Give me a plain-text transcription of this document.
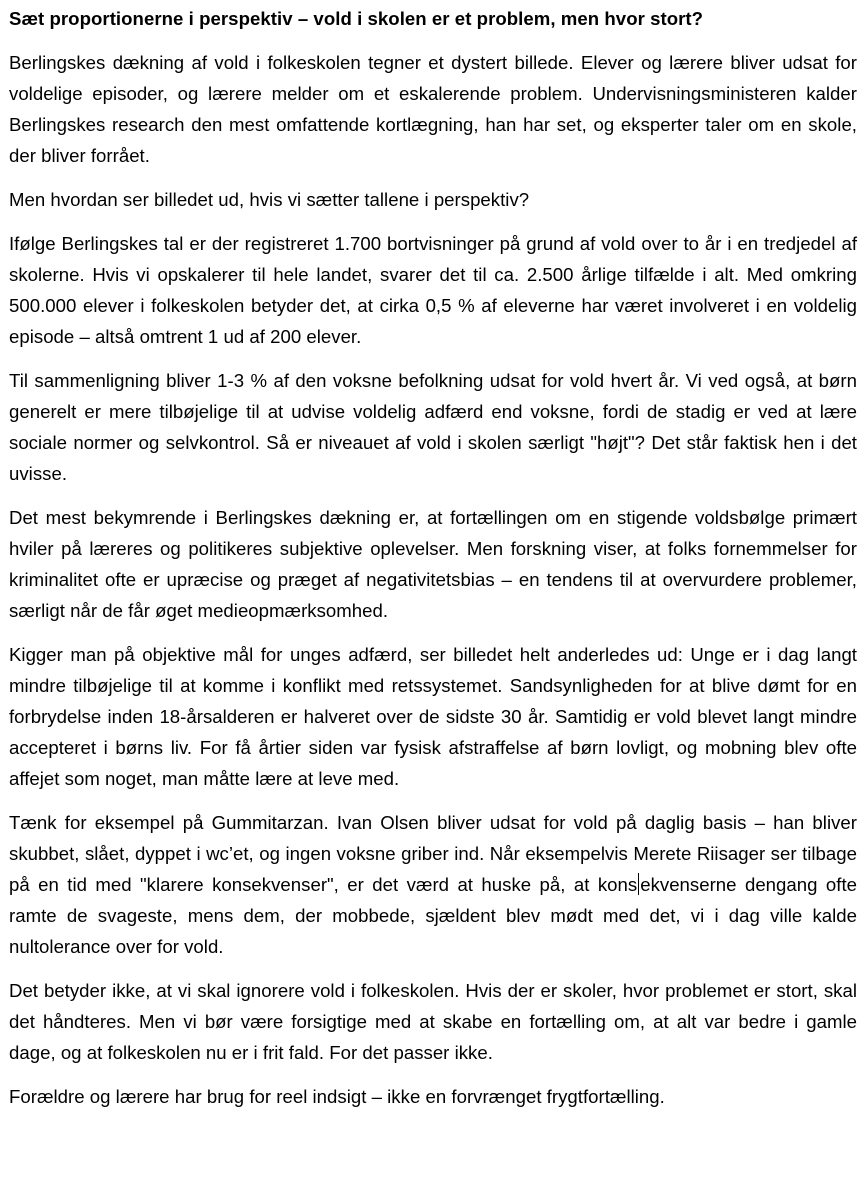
Sæt proportionerne i perspektiv – vold i skolen er et problem, men hvor stort?

Berlingskes dækning af vold i folkeskolen tegner et dystert billede. Elever og lærere bliver udsat for voldelige episoder, og lærere melder om et eskalerende problem. Undervisningsministeren kalder Berlingskes research den mest omfattende kortlægning, han har set, og eksperter taler om en skole, der bliver forrået.

Men hvordan ser billedet ud, hvis vi sætter tallene i perspektiv?

Ifølge Berlingskes tal er der registreret 1.700 bortvisninger på grund af vold over to år i en tredjedel af skolerne. Hvis vi opskalerer til hele landet, svarer det til ca. 2.500 årlige tilfælde i alt. Med omkring 500.000 elever i folkeskolen betyder det, at cirka 0,5 % af eleverne har været involveret i en voldelig episode – altså omtrent 1 ud af 200 elever.

Til sammenligning bliver 1-3 % af den voksne befolkning udsat for vold hvert år. Vi ved også, at børn generelt er mere tilbøjelige til at udvise voldelig adfærd end voksne, fordi de stadig er ved at lære sociale normer og selvkontrol. Så er niveauet af vold i skolen særligt "højt"? Det står faktisk hen i det uvisse.

Det mest bekymrende i Berlingskes dækning er, at fortællingen om en stigende voldsbølge primært hviler på læreres og politikeres subjektive oplevelser. Men forskning viser, at folks fornemmelser for kriminalitet ofte er upræcise og præget af negativitetsbias – en tendens til at overvurdere problemer, særligt når de får øget medieopmærksomhed.

Kigger man på objektive mål for unges adfærd, ser billedet helt anderledes ud: Unge er i dag langt mindre tilbøjelige til at komme i konflikt med retssystemet. Sandsynligheden for at blive dømt for en forbrydelse inden 18-årsalderen er halveret over de sidste 30 år. Samtidig er vold blevet langt mindre accepteret i børns liv. For få årtier siden var fysisk afstraffelse af børn lovligt, og mobning blev ofte affejet som noget, man måtte lære at leve med.

Tænk for eksempel på Gummitarzan. Ivan Olsen bliver udsat for vold på daglig basis – han bliver skubbet, slået, dyppet i wc’et, og ingen voksne griber ind. Når eksempelvis Merete Riisager ser tilbage på en tid med "klarere konsekvenser", er det værd at huske på, at kons ekvenserne dengang ofte ramte de svageste, mens dem, der mobbede, sjældent blev mødt med det, vi i dag ville kalde nultolerance over for vold.

Det betyder ikke, at vi skal ignorere vold i folkeskolen. Hvis der er skoler, hvor problemet er stort, skal det håndteres. Men vi bør være forsigtige med at skabe en fortælling om, at alt var bedre i gamle dage, og at folkeskolen nu er i frit fald. For det passer ikke.

Forældre og lærere har brug for reel indsigt – ikke en forvrænget frygtfortælling.
